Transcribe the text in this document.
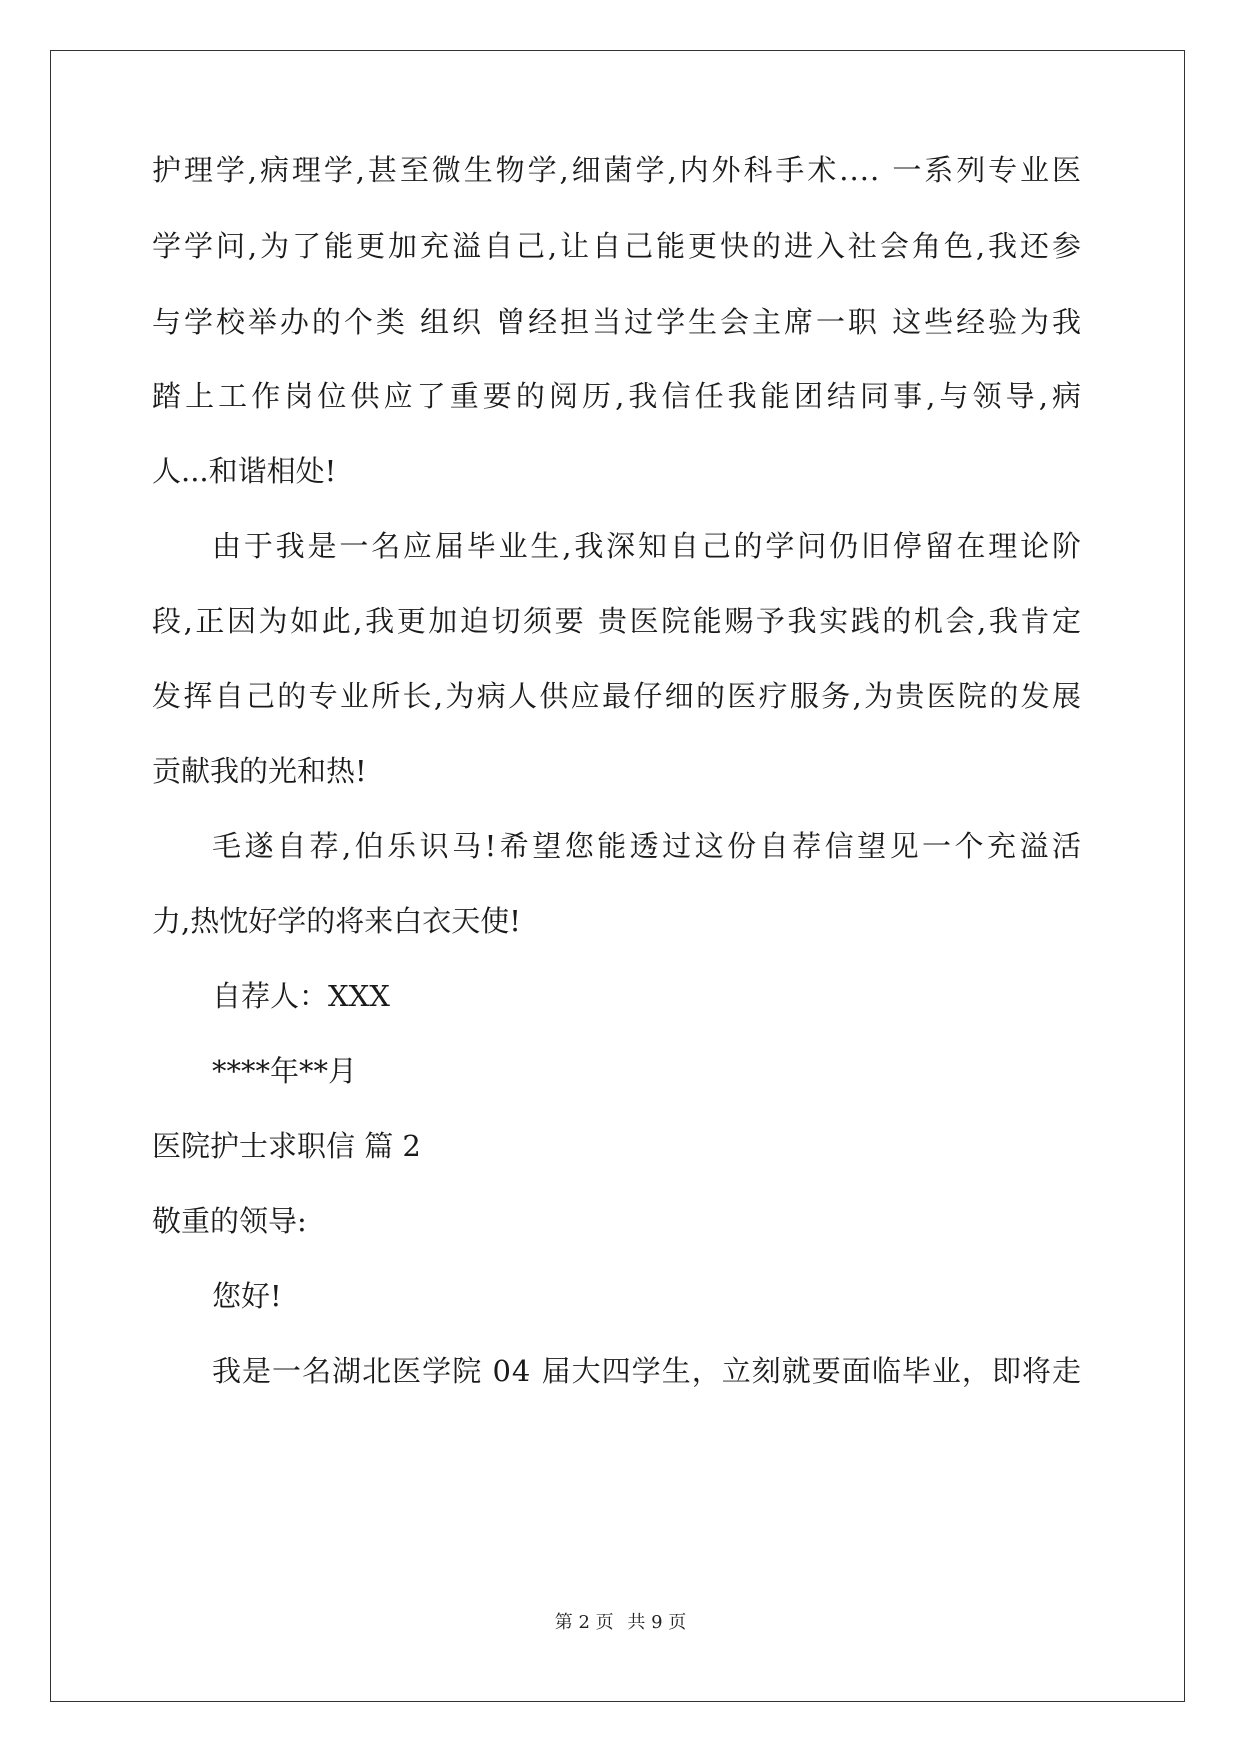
护理学,病理学,甚至微生物学,细菌学,内外科手术.... 一系列专业医
学学问,为了能更加充溢自己,让自己能更快的进入社会角色,我还参
与学校举办的个类 组织 曾经担当过学生会主席一职 这些经验为我
踏上工作岗位供应了重要的阅历,我信任我能团结同事,与领导,病
人...和谐相处!
由于我是一名应届毕业生,我深知自己的学问仍旧停留在理论阶
段,正因为如此,我更加迫切须要 贵医院能赐予我实践的机会,我肯定
发挥自己的专业所长,为病人供应最仔细的医疗服务,为贵医院的发展
贡献我的光和热!
毛遂自荐,伯乐识马!希望您能透过这份自荐信望见一个充溢活
力,热忱好学的将来白衣天使!
自荐人：XXX
****年**月
医院护士求职信 篇 2
敬重的领导:
您好!
我是一名湖北医学院 04 届大四学生，立刻就要面临毕业，即将走
第 2 页 共 9 页
